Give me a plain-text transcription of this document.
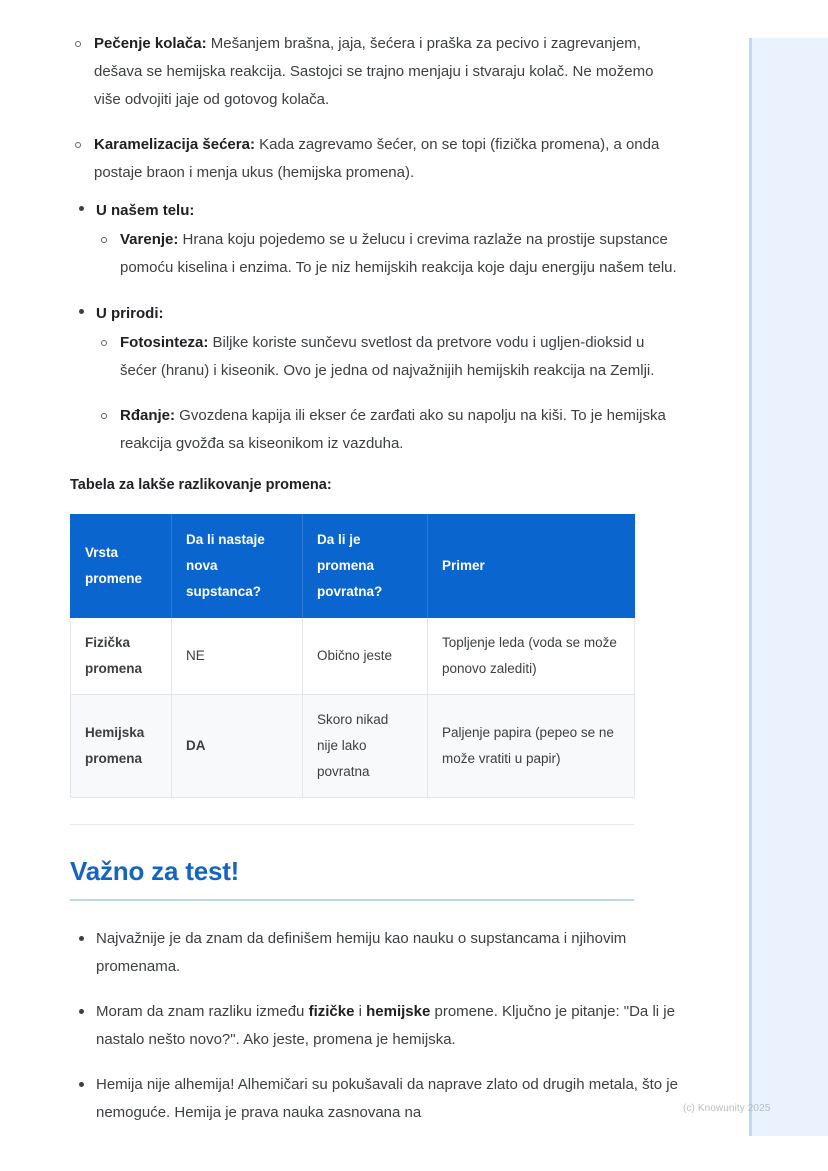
Pečenje kolača: Mešanjem brašna, jaja, šećera i praška za pecivo i zagrevanjem, dešava se hemijska reakcija. Sastojci se trajno menjaju i stvaraju kolač. Ne možemo više odvojiti jaje od gotovog kolača.
Karamelizacija šećera: Kada zagrevamo šećer, on se topi (fizička promena), a onda postaje braon i menja ukus (hemijska promena).
U našem telu:
Varenje: Hrana koju pojedemo se u želucu i crevima razlaže na prostije supstance pomoću kiselina i enzima. To je niz hemijskih reakcija koje daju energiju našem telu.
U prirodi:
Fotosinteza: Biljke koriste sunčevu svetlost da pretvore vodu i ugljen-dioksid u šećer (hranu) i kiseonik. Ovo je jedna od najvažnijih hemijskih reakcija na Zemlji.
Rđanje: Gvozdena kapija ili ekser će zarđati ako su napolju na kiši. To je hemijska reakcija gvožđa sa kiseonikom iz vazduha.
Tabela za lakše razlikovanje promena:
Vrsta promene	Da li nastaje nova supstanca?	Da li je promena povratna?	Primer
Fizička promena	NE	Obično jeste	Topljenje leda (voda se može ponovo zalediti)
Hemijska promena	DA	Skoro nikad nije lako povratna	Paljenje papira (pepeo se ne može vratiti u papir)
Važno za test!
Najvažnije je da znam da definišem hemiju kao nauku o supstancama i njihovim promenama.
Moram da znam razliku između fizičke i hemijske promene. Ključno je pitanje: "Da li je nastalo nešto novo?". Ako jeste, promena je hemijska.
Hemija nije alhemija! Alhemičari su pokušavali da naprave zlato od drugih metala, što je nemoguće. Hemija je prava nauka zasnovana na	(c) Knowunity 2025
